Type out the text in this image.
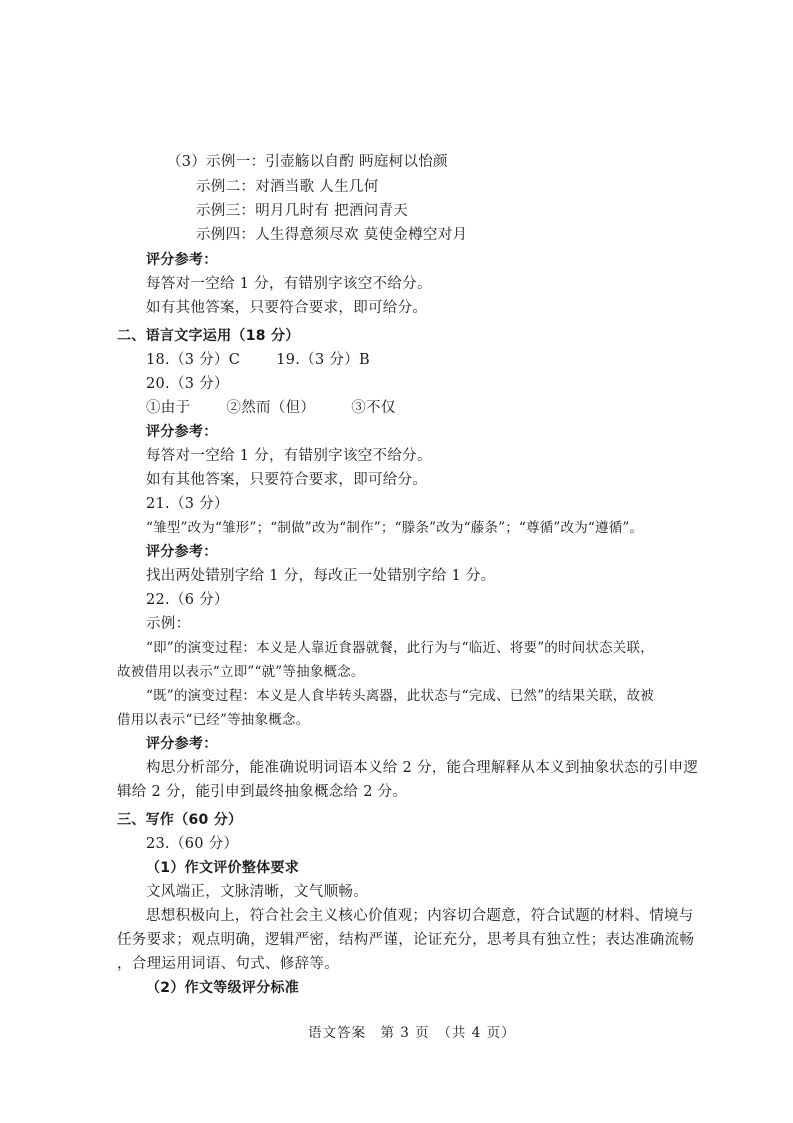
（3）示例一：引壶觞以自酌 眄庭柯以怡颜
示例二：对酒当歌 人生几何
示例三：明月几时有 把酒问青天
示例四：人生得意须尽欢 莫使金樽空对月
评分参考：
每答对一空给 1 分，有错别字该空不给分。
如有其他答案，只要符合要求，即可给分。
二、语言文字运用（18 分）
18.（3 分）C 19.（3 分）B
20.（3 分）
①由于 ②然而（但） ③不仅
评分参考：
每答对一空给 1 分，有错别字该空不给分。
如有其他答案，只要符合要求，即可给分。
21.（3 分）
“雏型”改为“雏形”；“制做”改为“制作”；“滕条”改为“藤条”；“尊循”改为“遵循”。
评分参考：
找出两处错别字给 1 分，每改正一处错别字给 1 分。
22.（6 分）
示例：
“即”的演变过程：本义是人靠近食器就餐，此行为与“临近、将要”的时间状态关联，
故被借用以表示“立即”“就”等抽象概念。
“既”的演变过程：本义是人食毕转头离器，此状态与“完成、已然”的结果关联，故被
借用以表示“已经”等抽象概念。
评分参考：
构思分析部分，能准确说明词语本义给 2 分，能合理解释从本义到抽象状态的引申逻
辑给 2 分，能引申到最终抽象概念给 2 分。
三、写作（60 分）
23.（60 分）
（1）作文评价整体要求
文风端正，文脉清晰，文气顺畅。
思想积极向上，符合社会主义核心价值观；内容切合题意，符合试题的材料、情境与
任务要求；观点明确，逻辑严密，结构严谨，论证充分，思考具有独立性；表达准确流畅
，合理运用词语、句式、修辞等。
（2）作文等级评分标准
语文答案　第 3 页　（共 4 页）
